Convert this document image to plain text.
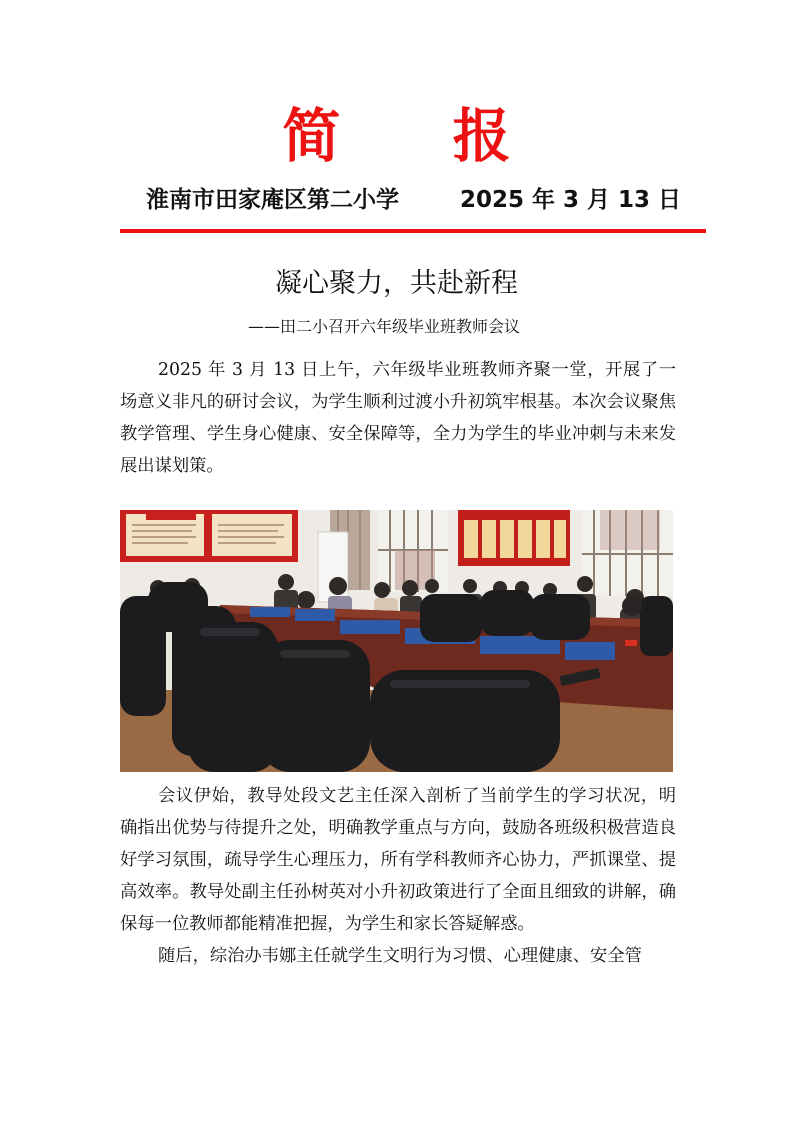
简 报
淮南市田家庵区第二小学	2025 年 3 月 13 日
凝心聚力，共赴新程
——田二小召开六年级毕业班教师会议

2025 年 3 月 13 日上午，六年级毕业班教师齐聚一堂，开展了一场意义非凡的研讨会议，为学生顺利过渡小升初筑牢根基。本次会议聚焦教学管理、学生身心健康、安全保障等，全力为学生的毕业冲刺与未来发展出谋划策。

会议伊始，教导处段文艺主任深入剖析了当前学生的学习状况，明确指出优势与待提升之处，明确教学重点与方向，鼓励各班级积极营造良好学习氛围，疏导学生心理压力，所有学科教师齐心协力，严抓课堂、提高效率。教导处副主任孙树英对小升初政策进行了全面且细致的讲解，确保每一位教师都能精准把握，为学生和家长答疑解惑。

随后，综治办韦娜主任就学生文明行为习惯、心理健康、安全管
